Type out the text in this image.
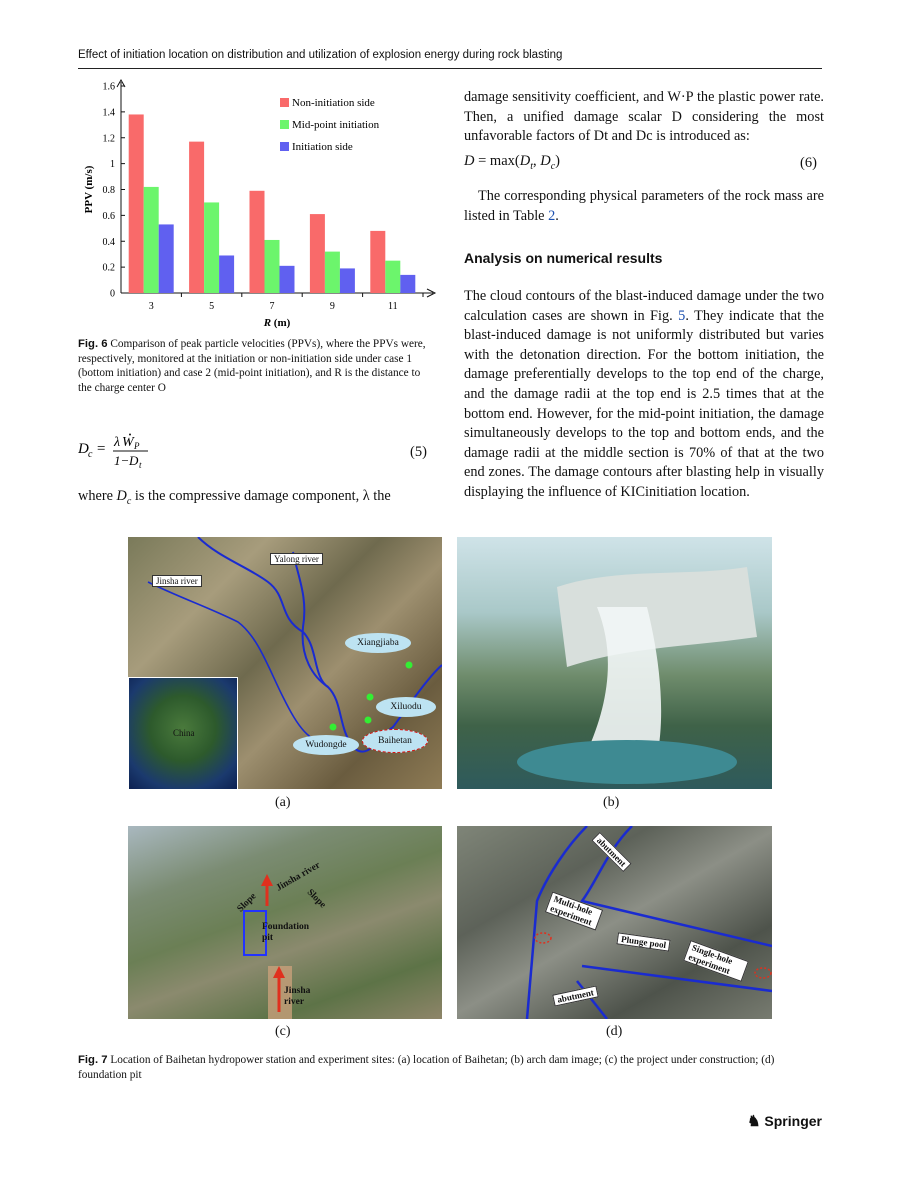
Effect of initiation location on distribution and utilization of explosion energy during rock blasting
0
0.2
0.4
0.6
0.8
1
1.2
1.4
1.6
3	5	7	9	11
R (m)
PPV (m/s)
Non-initiation side
Mid-point initiation
Initiation side
Fig. 6 Comparison of peak particle velocities (PPVs), where the PPVs were, respectively, monitored at the initiation or non-initiation side under case 1 (bottom initiation) and case 2 (mid-point initiation), and R is the distance to the charge center O
D c = λ W P
1− D t
(5)
where $D_c$ is the compressive damage component, λ the
damage sensitivity coefficient, and W·P the plastic power rate. Then, a unified damage scalar D considering the most unfavorable factors of Dt and Dc is introduced as:
$D = \max(D_t$, $D_c$)	(6)
The corresponding physical parameters of the rock mass are listed in Table 2.
Analysis on numerical results
The cloud contours of the blast-induced damage under the two calculation cases are shown in Fig. 5. They indicate that the blast-induced damage is not uniformly distributed but varies with the detonation direction. For the bottom initiation, the damage preferentially develops to the top end of the charge, and the damage radii at the top end is 2.5 times that at the bottom end. However, for the mid-point initiation, the damage simultaneously develops to the top and bottom ends, and the damage radii at the middle section is 70% of that at the two end zones. The damage contours after blasting help in visually displaying the influence of KICinitiation location.
China
Yalong river
Jinsha river
Xiangjiaba
Xiluodu
Baihetan
Wudongde
(a)	(b)
Jinsha river
Slope	Slope
Foundation pit
Jinsha river
(c)
abutment
Multi-hole experiment
Plunge pool
Single-hole experiment
abutment
(d)
Fig. 7 Location of Baihetan hydropower station and experiment sites: (a) location of Baihetan; (b) arch dam image; (c) the project under construction; (d) foundation pit
♞ Springer
